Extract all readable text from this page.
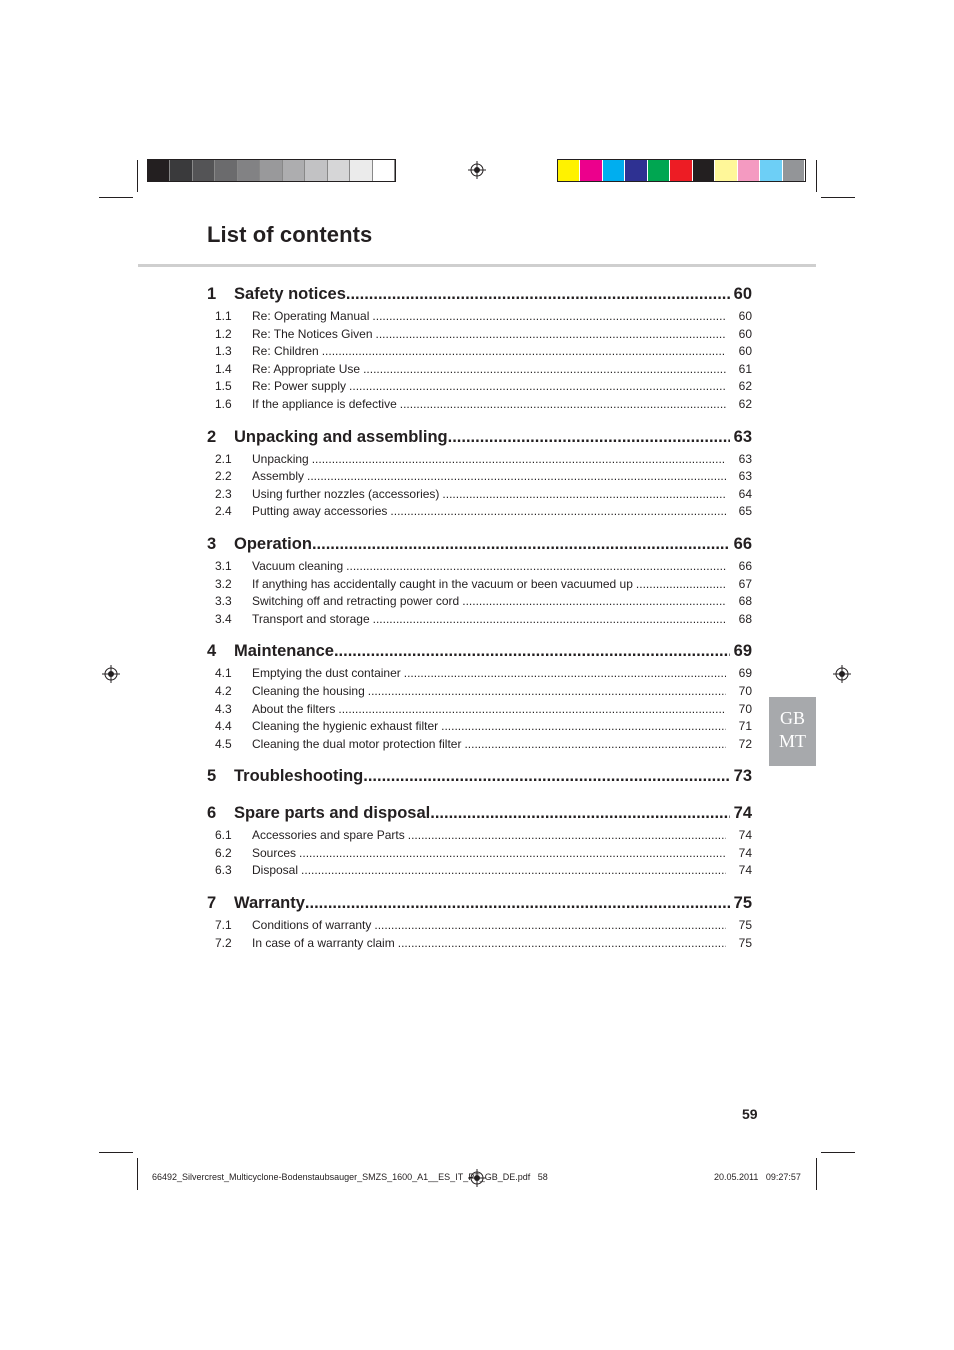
List of contents
1	Safety notices .....	60
1.1	Re: Operating Manual .....	60
1.2	Re: The Notices Given .....	60
1.3	Re: Children .....	60
1.4	Re: Appropriate Use .....	61
1.5	Re: Power supply .....	62
1.6	If the appliance is defective .....	62
2	Unpacking and assembling .....	63
2.1	Unpacking .....	63
2.2	Assembly .....	63
2.3	Using further nozzles (accessories) .....	64
2.4	Putting away accessories .....	65
3	Operation .....	66
3.1	Vacuum cleaning .....	66
3.2	If anything has accidentally caught in the vacuum or been vacuumed up .....	67
3.3	Switching off and retracting power cord .....	68
3.4	Transport and storage .....	68
4	Maintenance .....	69
4.1	Emptying the dust container .....	69
4.2	Cleaning the housing .....	70
4.3	About the filters .....	70
4.4	Cleaning the hygienic exhaust filter .....	71
4.5	Cleaning the dual motor protection filter .....	72
5	Troubleshooting .....	73
6	Spare parts and disposal .....	74
6.1	Accessories and spare Parts .....	74
6.2	Sources .....	74
6.3	Disposal .....	74
7	Warranty .....	75
7.1	Conditions of warranty .....	75
7.2	In case of a warranty claim .....	75
GB
MT
59
66492_Silvercrest_Multicyclone-Bodenstaubsauger_SMZS_1600_A1__ES_IT_PT_GB_DE.pdf   58	20.05.2011   09:27:57
